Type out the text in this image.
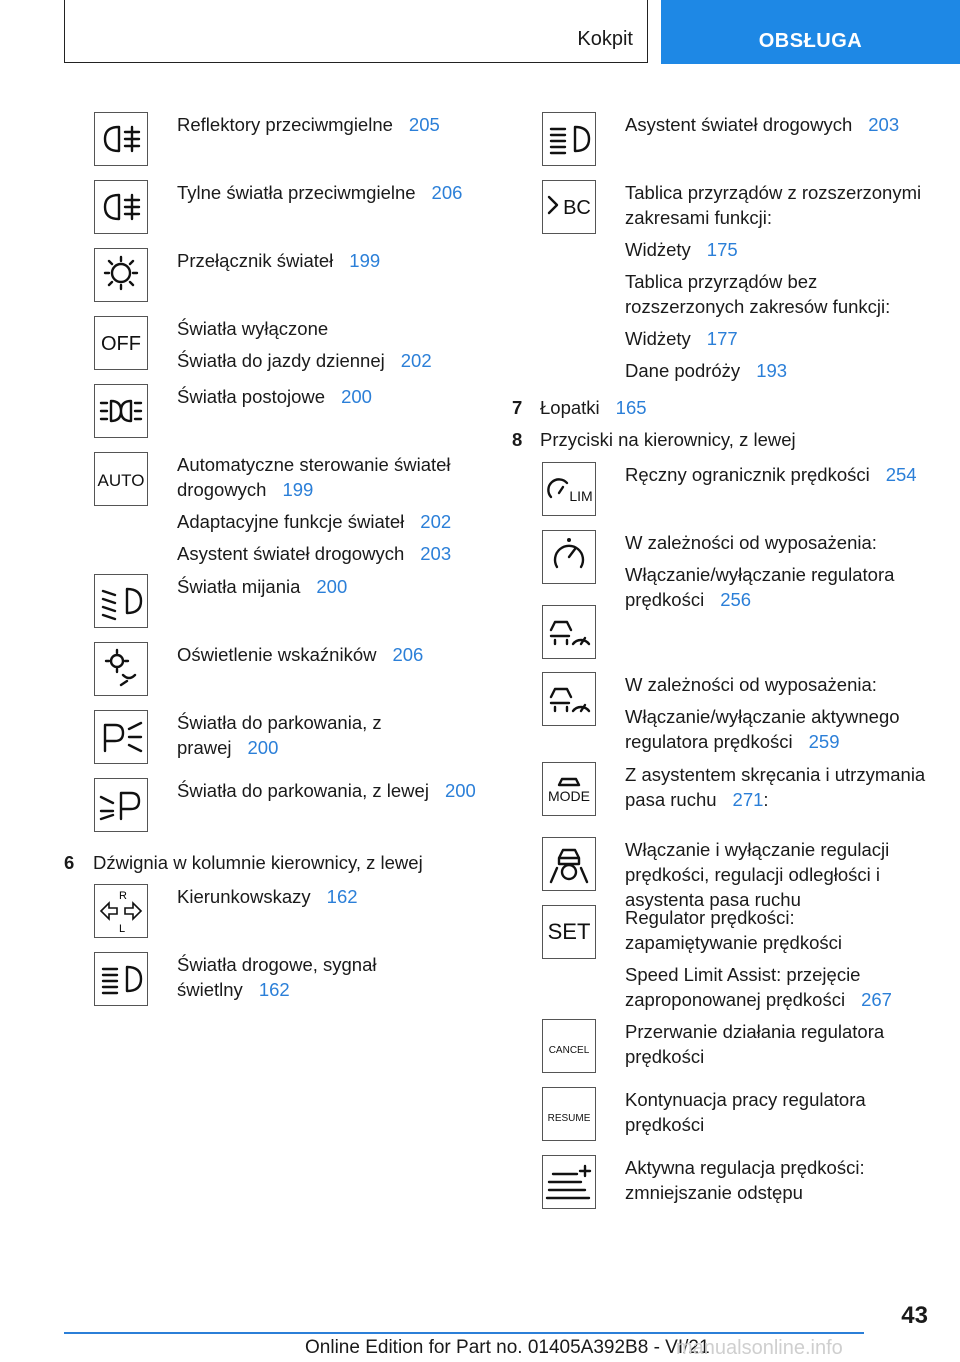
Kokpit	OBSŁUGA

Reflektory przeciwmgielne 205

Tylne światła przeciwmgielne 206

Przełącznik świateł 199

OFF

Światła wyłączone

Światła do jazdy dziennej 202

Światła postojowe 200

AUTO

Automatyczne sterowanie świateł drogowych 199

Adaptacyjne funkcje świateł 202

Asystent świateł drogowych 203

Światła mijania 200

Oświetlenie wskaźników 206

Światła do parkowania, z prawej 200

Światła do parkowania, z lewej 200

R
L

Kierunkowskazy 162

Światła drogowe, sygnał świetlny 162

Asystent świateł drogowych 203

BC

Tablica przyrządów z rozszerzonymi zakresami funkcji:

Widżety 175

Tablica przyrządów bez rozszerzonych zakresów funkcji:

Widżety 177

Dane podróży 193

LIM

Ręczny ogranicznik prędkości 254

W zależności od wyposażenia:

Włączanie/wyłączanie regulatora prędkości 256

W zależności od wyposażenia:

Włączanie/wyłączanie aktywnego regulatora prędkości 259

MODE

Z asystentem skręcania i utrzymania pasa ruchu 271:

Włączanie i wyłączanie regulacji prędkości, regulacji odległości i asystenta pasa ruchu

SET

Regulator prędkości: zapamiętywanie prędkości

Speed Limit Assist: przejęcie zaproponowanej prędkości 267

CANCEL

Przerwanie działania regulatora prędkości

RESUME

Kontynuacja pracy regulatora prędkości

Aktywna regulacja prędkości: zmniejszanie odstępu

6 Dźwignia w kolumnie kierownicy, z lewej
7 Łopatki 165
8 Przyciski na kierownicy, z lewej
43
Online Edition for Part no. 01405A392B8 - VI/21
manualsonline.info
